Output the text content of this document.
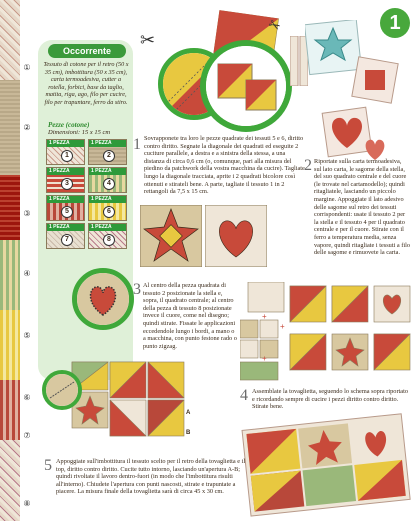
①
②
③
④
⑤
⑥
⑦
⑧
1
Occorrente
Tessuto di cotone per il retro (50 x 35 cm), imbottitura (50 x 35 cm), carta termoadesiva, cutter a rotella, forbici, base da taglio, matita, riga, ago, filo per cucire, filo per trapuntare, ferro da stiro.
Pezze (cotone)
Dimensioni: 15 x 15 cm
1 PEZZA
1
1 PEZZA
2
1 PEZZA
3
1 PEZZA
4
1 PEZZA
5
1 PEZZA
6
1 PEZZA
7
1 PEZZA
8
✂
✂
1 Sovrapponete tra loro le pezze quadrate dei tessuti 5 e 6, diritto contro diritto. Segnate la diagonale dei quadrati ed eseguite 2 cuciture parallele, a destra e a sinistra della stessa, a una distanza di circa 0,6 cm (o, comunque, pari alla misura del piedino da patchwork della vostra macchina da cucire). Tagliate lungo la diagonale tracciata, aprite i 2 quadrati bicolore così ottenuti e stirateli bene. A parte, tagliate il tessuto 1 in 2 rettangoli da 7,5 x 15 cm.
2 Riportate sulla carta termoadesiva, sul lato carta, le sagome della stella, del suo quadrato centrale e del cuore (le trovate nel cartamodello); quindi ritagliatele, lasciando un piccolo margine. Appoggiate il lato adesivo delle sagome sul retro dei tessuti corrispondenti: usate il tessuto 2 per la stella e il tessuto 4 per il quadrato centrale e per il cuore. Stirate con il ferro a temperatura media, senza vapore, quindi ritagliate i tessuti a filo delle sagome e rimuovete la carta.
3 Al centro della pezza quadrata di tessuto 2 posizionate la stella e, sopra, il quadrato centrale; al centro della pezza di tessuto 8 posizionate invece il cuore, come nel disegno; quindi stirate. Fissate le applicazioni eccedendole lungo i bordi, a mano o a macchina, con punto festone rado o punto zigzag.
+
+
+
4 Assemblate la tovaglietta, seguendo lo schema sopra riportato e ricordando sempre di cucire i pezzi diritto contro diritto. Stirate bene.
A
B
5 Appoggiate sull'imbottitura il tessuto scelto per il retro della tovaglietta e il top, diritto contro diritto. Cucite tutto intorno, lasciando un'apertura A-B; quindi rivoltate il lavoro dentro-fuori (in modo che l'imbottitura risulti all'interno). Chiudete l'apertura con punti nascosti, stirate e trapuntate a piacere. La misura finale della tovaglietta sarà di circa 45 x 30 cm.
